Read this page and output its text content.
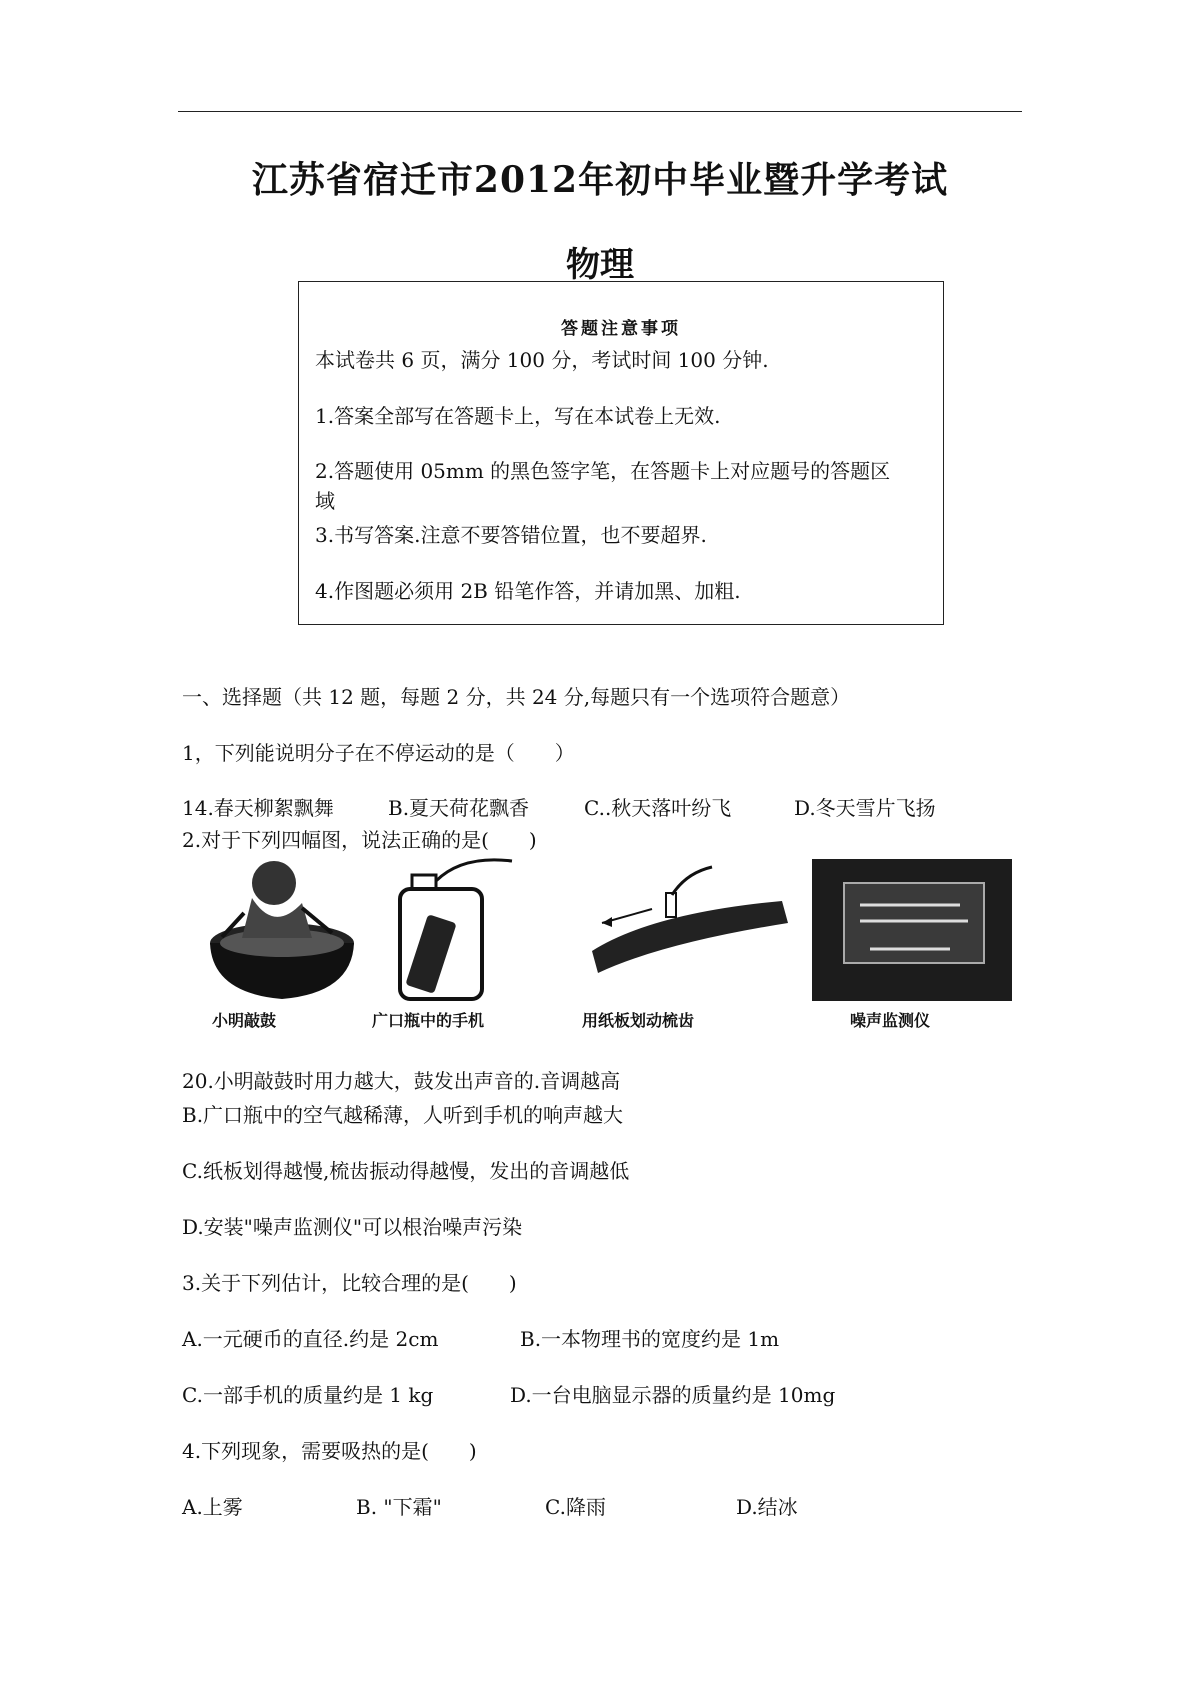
江苏省宿迁市2012年初中毕业暨升学考试
物理
答题注意事项
本试卷共 6 页，满分 100 分，考试时间 100 分钟.
1.答案全部写在答题卡上，写在本试卷上无效.
2.答题使用 05mm 的黑色签字笔，在答题卡上对应题号的答题区
域
3.书写答案.注意不要答错位置，也不要超界.
4.作图题必须用 2B 铅笔作答，并请加黑、加粗.
一、选择题（共 12 题，每题 2 分，共 24 分,每题只有一个选项符合题意）
1，下列能说明分子在不停运动的是（　　）
14.春天柳絮飘舞	B.夏天荷花飘香	C..秋天落叶纷飞	D.冬天雪片飞扬
2.对于下列四幅图，说法正确的是(　　)
小明敲鼓	广口瓶中的手机	用纸板划动梳齿	噪声监测仪
20.小明敲鼓时用力越大，鼓发出声音的.音调越高
B.广口瓶中的空气越稀薄，人听到手机的响声越大
C.纸板划得越慢,梳齿振动得越慢，发出的音调越低
D.安装"噪声监测仪"可以根治噪声污染
3.关于下列估计，比较合理的是(　　)
A.一元硬币的直径.约是 2cm	B.一本物理书的宽度约是 1m
C.一部手机的质量约是 1 kg	D.一台电脑显示器的质量约是 10mg
4.下列现象，需要吸热的是(　　)
A.上雾	B. "下霜"	C.降雨	D.结冰
